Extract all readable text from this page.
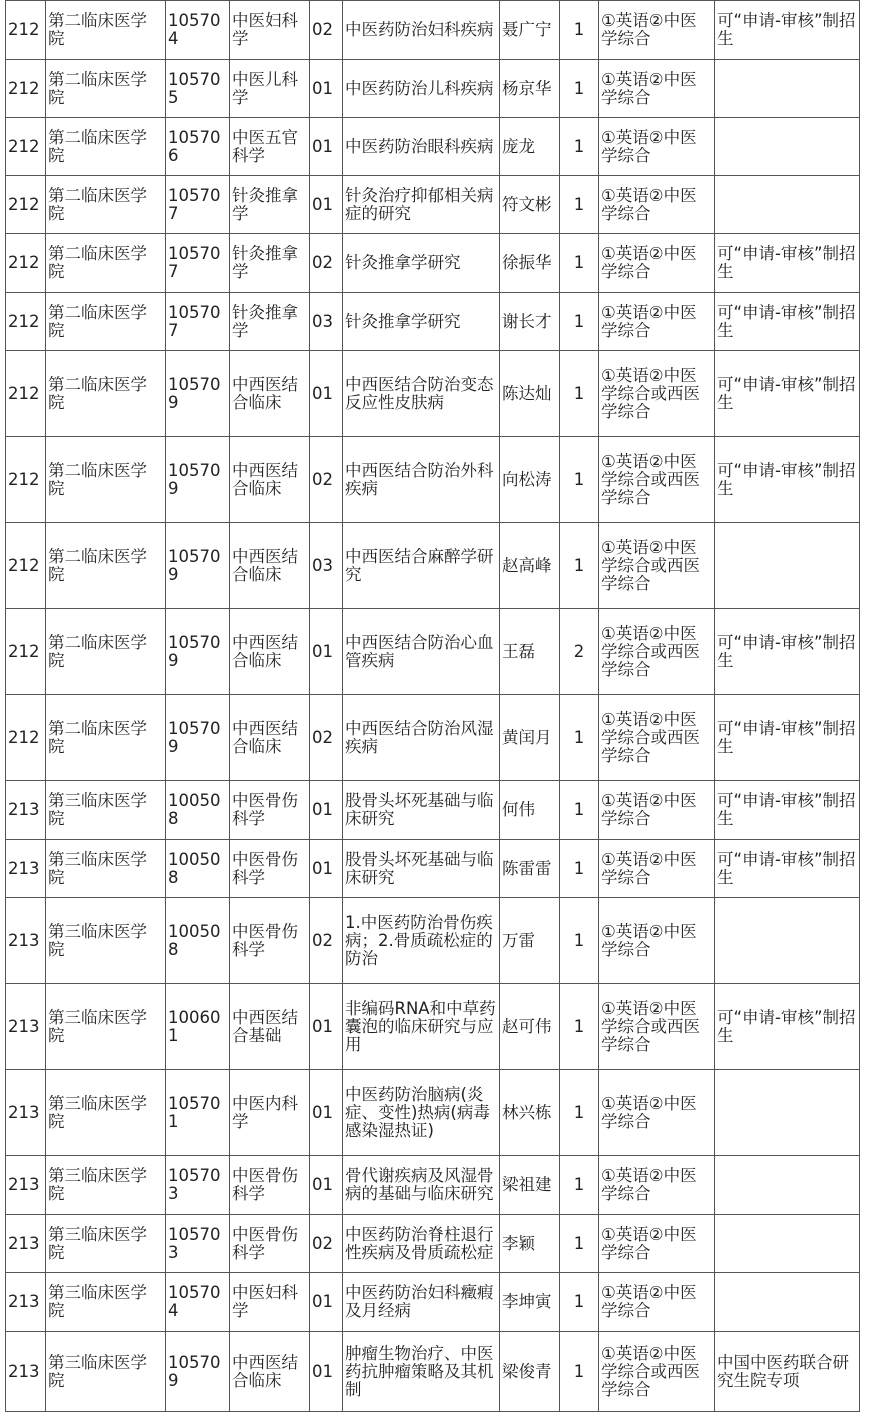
212	第二临床医学院	105704	中医妇科学	02	中医药防治妇科疾病	聂广宁	1	①英语②中医学综合	可“申请-审核”制招生
212	第二临床医学院	105705	中医儿科学	01	中医药防治儿科疾病	杨京华	1	①英语②中医学综合	
212	第二临床医学院	105706	中医五官科学	01	中医药防治眼科疾病	庞龙	1	①英语②中医学综合	
212	第二临床医学院	105707	针灸推拿学	01	针灸治疗抑郁相关病症的研究	符文彬	1	①英语②中医学综合	
212	第二临床医学院	105707	针灸推拿学	02	针灸推拿学研究	徐振华	1	①英语②中医学综合	可“申请-审核”制招生
212	第二临床医学院	105707	针灸推拿学	03	针灸推拿学研究	谢长才	1	①英语②中医学综合	可“申请-审核”制招生
212	第二临床医学院	105709	中西医结合临床	01	中西医结合防治变态反应性皮肤病	陈达灿	1	①英语②中医学综合或西医学综合	可“申请-审核”制招生
212	第二临床医学院	105709	中西医结合临床	02	中西医结合防治外科疾病	向松涛	1	①英语②中医学综合或西医学综合	可“申请-审核”制招生
212	第二临床医学院	105709	中西医结合临床	03	中西医结合麻醉学研究	赵高峰	1	①英语②中医学综合或西医学综合	
212	第二临床医学院	105709	中西医结合临床	01	中西医结合防治心血管疾病	王磊	2	①英语②中医学综合或西医学综合	可“申请-审核”制招生
212	第二临床医学院	105709	中西医结合临床	02	中西医结合防治风湿疾病	黄闰月	1	①英语②中医学综合或西医学综合	可“申请-审核”制招生
213	第三临床医学院	100508	中医骨伤科学	01	股骨头坏死基础与临床研究	何伟	1	①英语②中医学综合	可“申请-审核”制招生
213	第三临床医学院	100508	中医骨伤科学	01	股骨头坏死基础与临床研究	陈雷雷	1	①英语②中医学综合	可“申请-审核”制招生
213	第三临床医学院	100508	中医骨伤科学	02	1.中医药防治骨伤疾病；2.骨质疏松症的防治	万雷	1	①英语②中医学综合	
213	第三临床医学院	100601	中西医结合基础	01	非编码RNA和中草药囊泡的临床研究与应用	赵可伟	1	①英语②中医学综合或西医学综合	可“申请-审核”制招生
213	第三临床医学院	105701	中医内科学	01	中医药防治脑病(炎症、变性)热病(病毒感染湿热证)	林兴栋	1	①英语②中医学综合	
213	第三临床医学院	105703	中医骨伤科学	01	骨代谢疾病及风湿骨病的基础与临床研究	梁祖建	1	①英语②中医学综合	
213	第三临床医学院	105703	中医骨伤科学	02	中医药防治脊柱退行性疾病及骨质疏松症	李颖	1	①英语②中医学综合	
213	第三临床医学院	105704	中医妇科学	01	中医药防治妇科癥瘕及月经病	李坤寅	1	①英语②中医学综合	
213	第三临床医学院	105709	中西医结合临床	01	肿瘤生物治疗、中医药抗肿瘤策略及其机制	梁俊青	1	①英语②中医学综合或西医学综合	中国中医药联合研究生院专项
